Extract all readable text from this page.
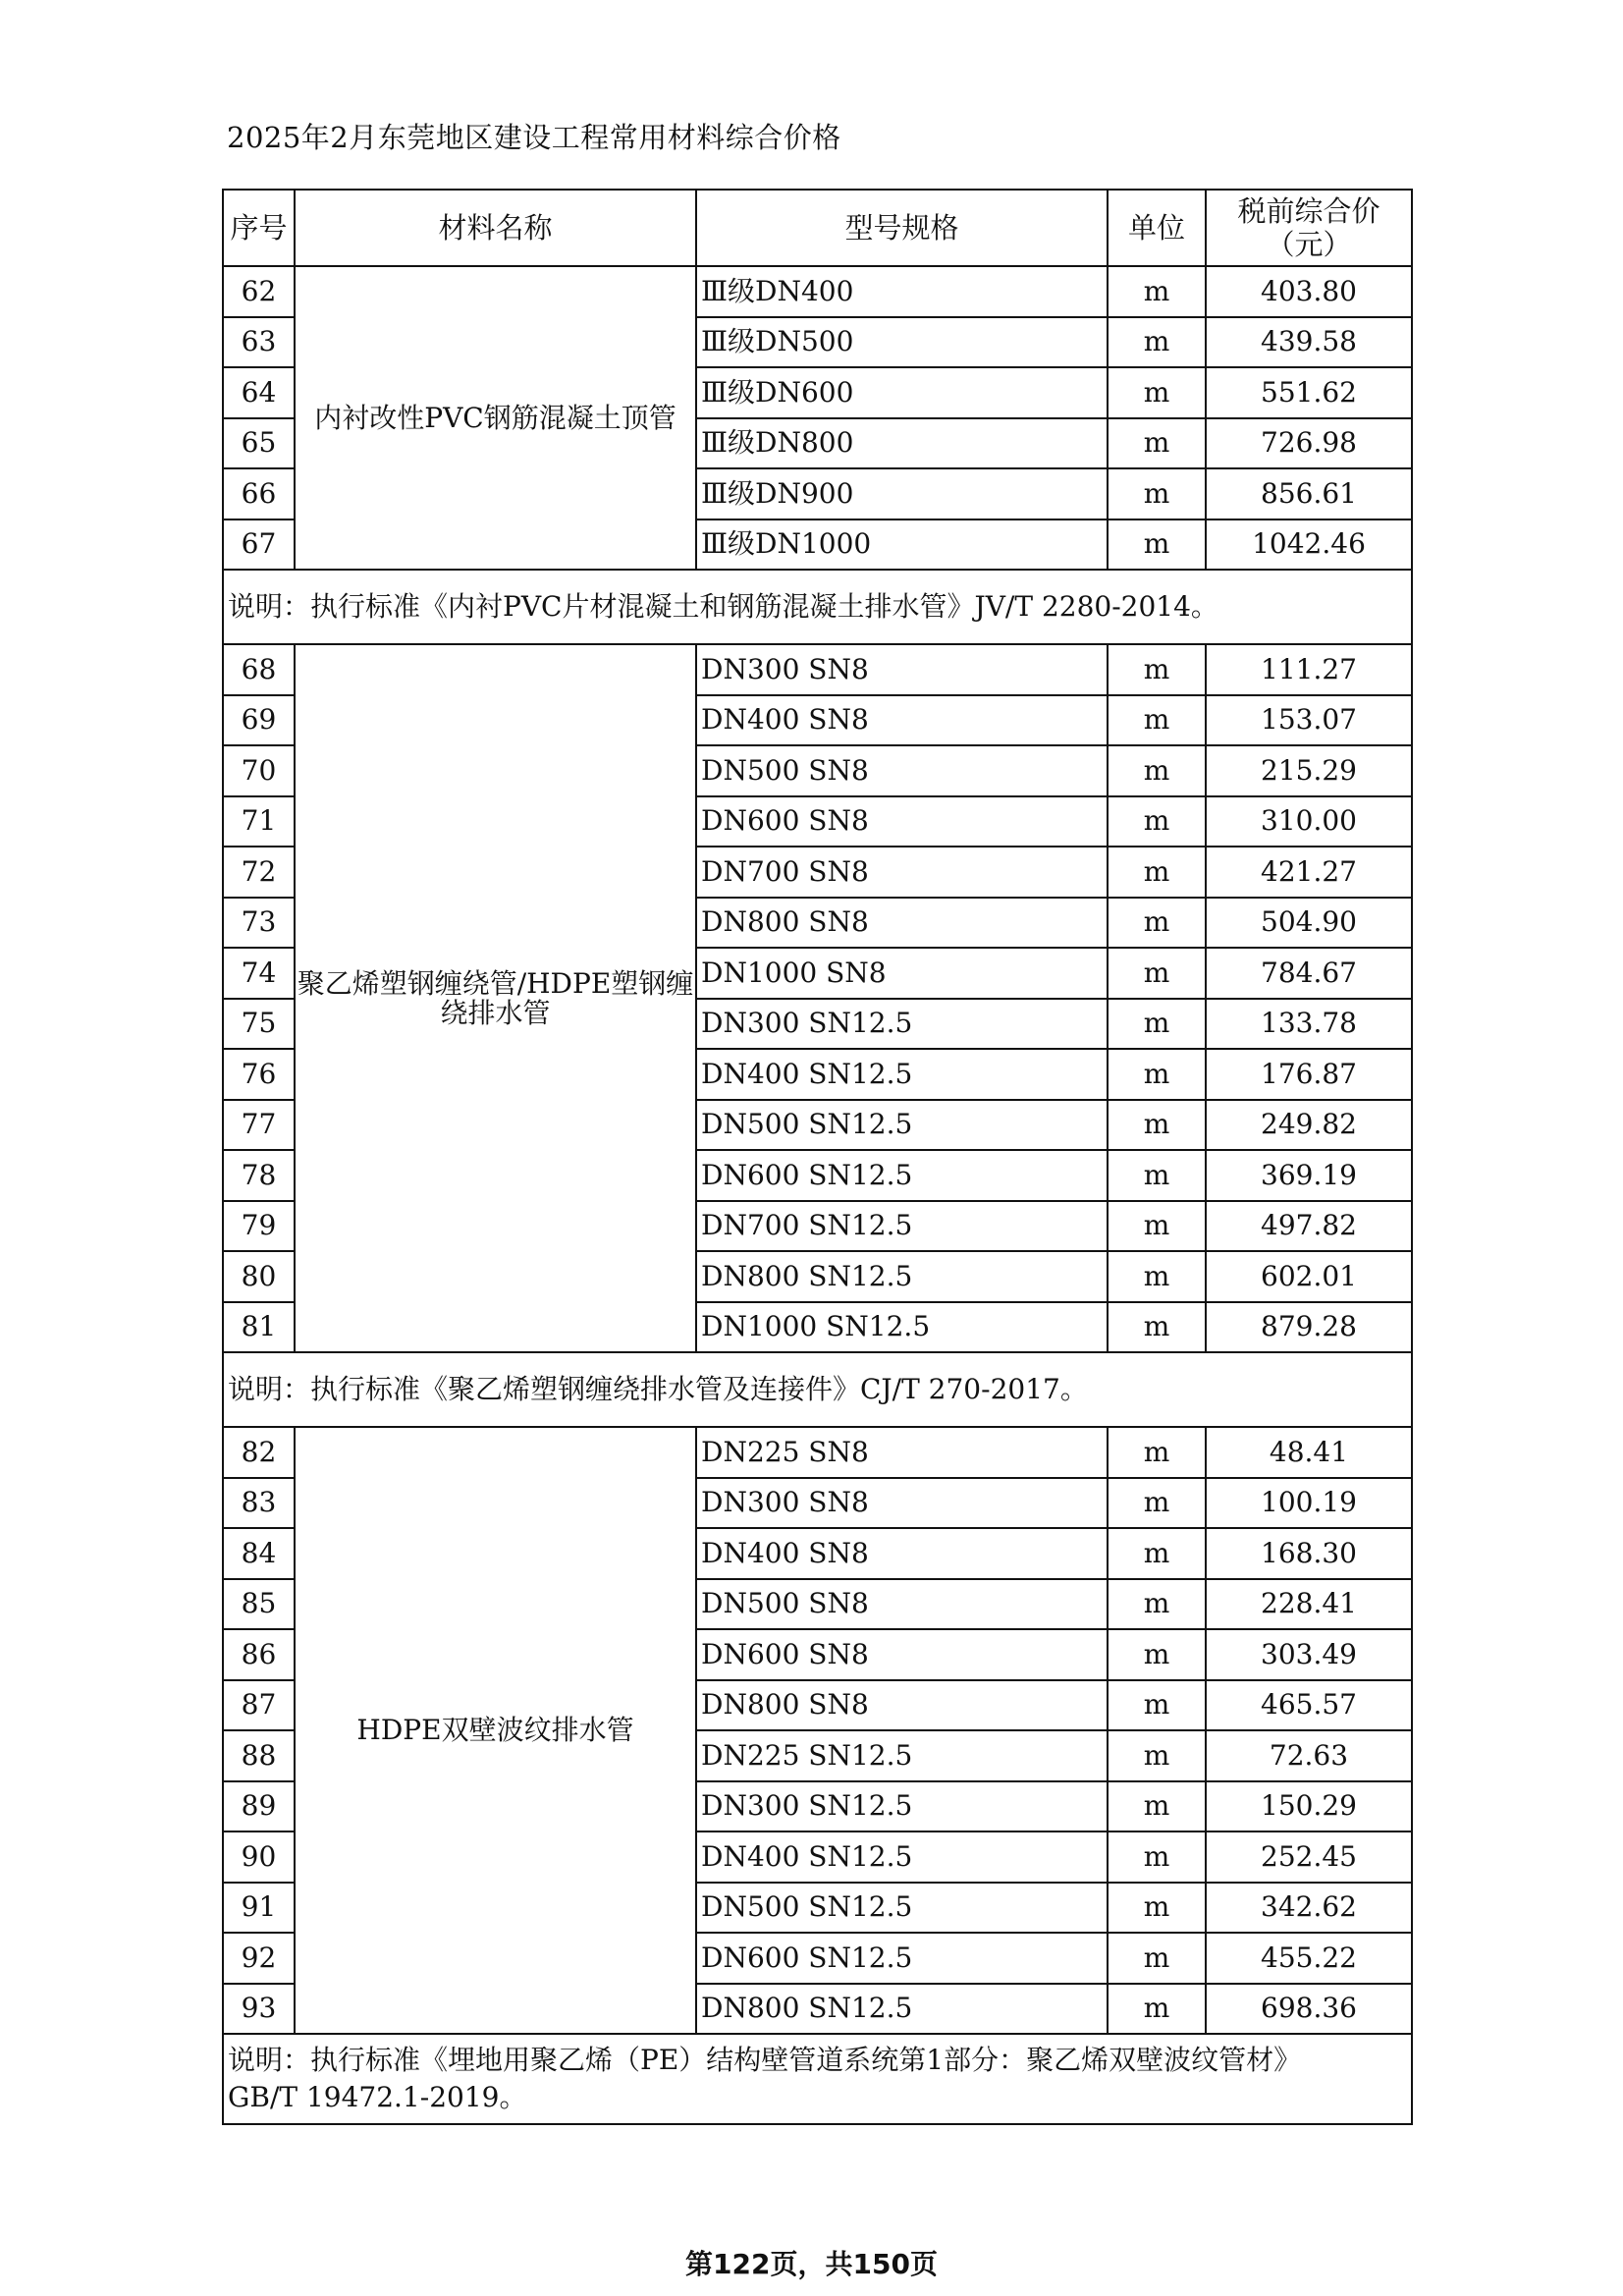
2025年2月东莞地区建设工程常用材料综合价格
序号	材料名称	型号规格	单位	税前综合价
（元）

62	内衬改性PVC钢筋混凝土顶管	Ⅲ级DN400	m	403.80
63		Ⅲ级DN500	m	439.58
64		Ⅲ级DN600	m	551.62
65		Ⅲ级DN800	m	726.98
66		Ⅲ级DN900	m	856.61
67		Ⅲ级DN1000	m	1042.46
说明：执行标准《内衬PVC片材混凝土和钢筋混凝土排水管》JV/T 2280-2014。				
68	聚乙烯塑钢缠绕管/HDPE塑钢缠绕排水管	DN300 SN8	m	111.27
69		DN400 SN8	m	153.07
70		DN500 SN8	m	215.29
71		DN600 SN8	m	310.00
72		DN700 SN8	m	421.27
73		DN800 SN8	m	504.90
74		DN1000 SN8	m	784.67
75		DN300 SN12.5	m	133.78
76		DN400 SN12.5	m	176.87
77		DN500 SN12.5	m	249.82
78		DN600 SN12.5	m	369.19
79		DN700 SN12.5	m	497.82
80		DN800 SN12.5	m	602.01
81		DN1000 SN12.5	m	879.28
说明：执行标准《聚乙烯塑钢缠绕排水管及连接件》CJ/T 270-2017。				
82	HDPE双壁波纹排水管	DN225 SN8	m	48.41
83		DN300 SN8	m	100.19
84		DN400 SN8	m	168.30
85		DN500 SN8	m	228.41
86		DN600 SN8	m	303.49
87		DN800 SN8	m	465.57
88		DN225 SN12.5	m	72.63
89		DN300 SN12.5	m	150.29
90		DN400 SN12.5	m	252.45
91		DN500 SN12.5	m	342.62
92		DN600 SN12.5	m	455.22
93		DN800 SN12.5	m	698.36

说明：执行标准《埋地用聚乙烯（PE）结构壁管道系统第1部分：聚乙烯双壁波纹管材》
GB/T 19472.1-2019。				
第122页，共150页
